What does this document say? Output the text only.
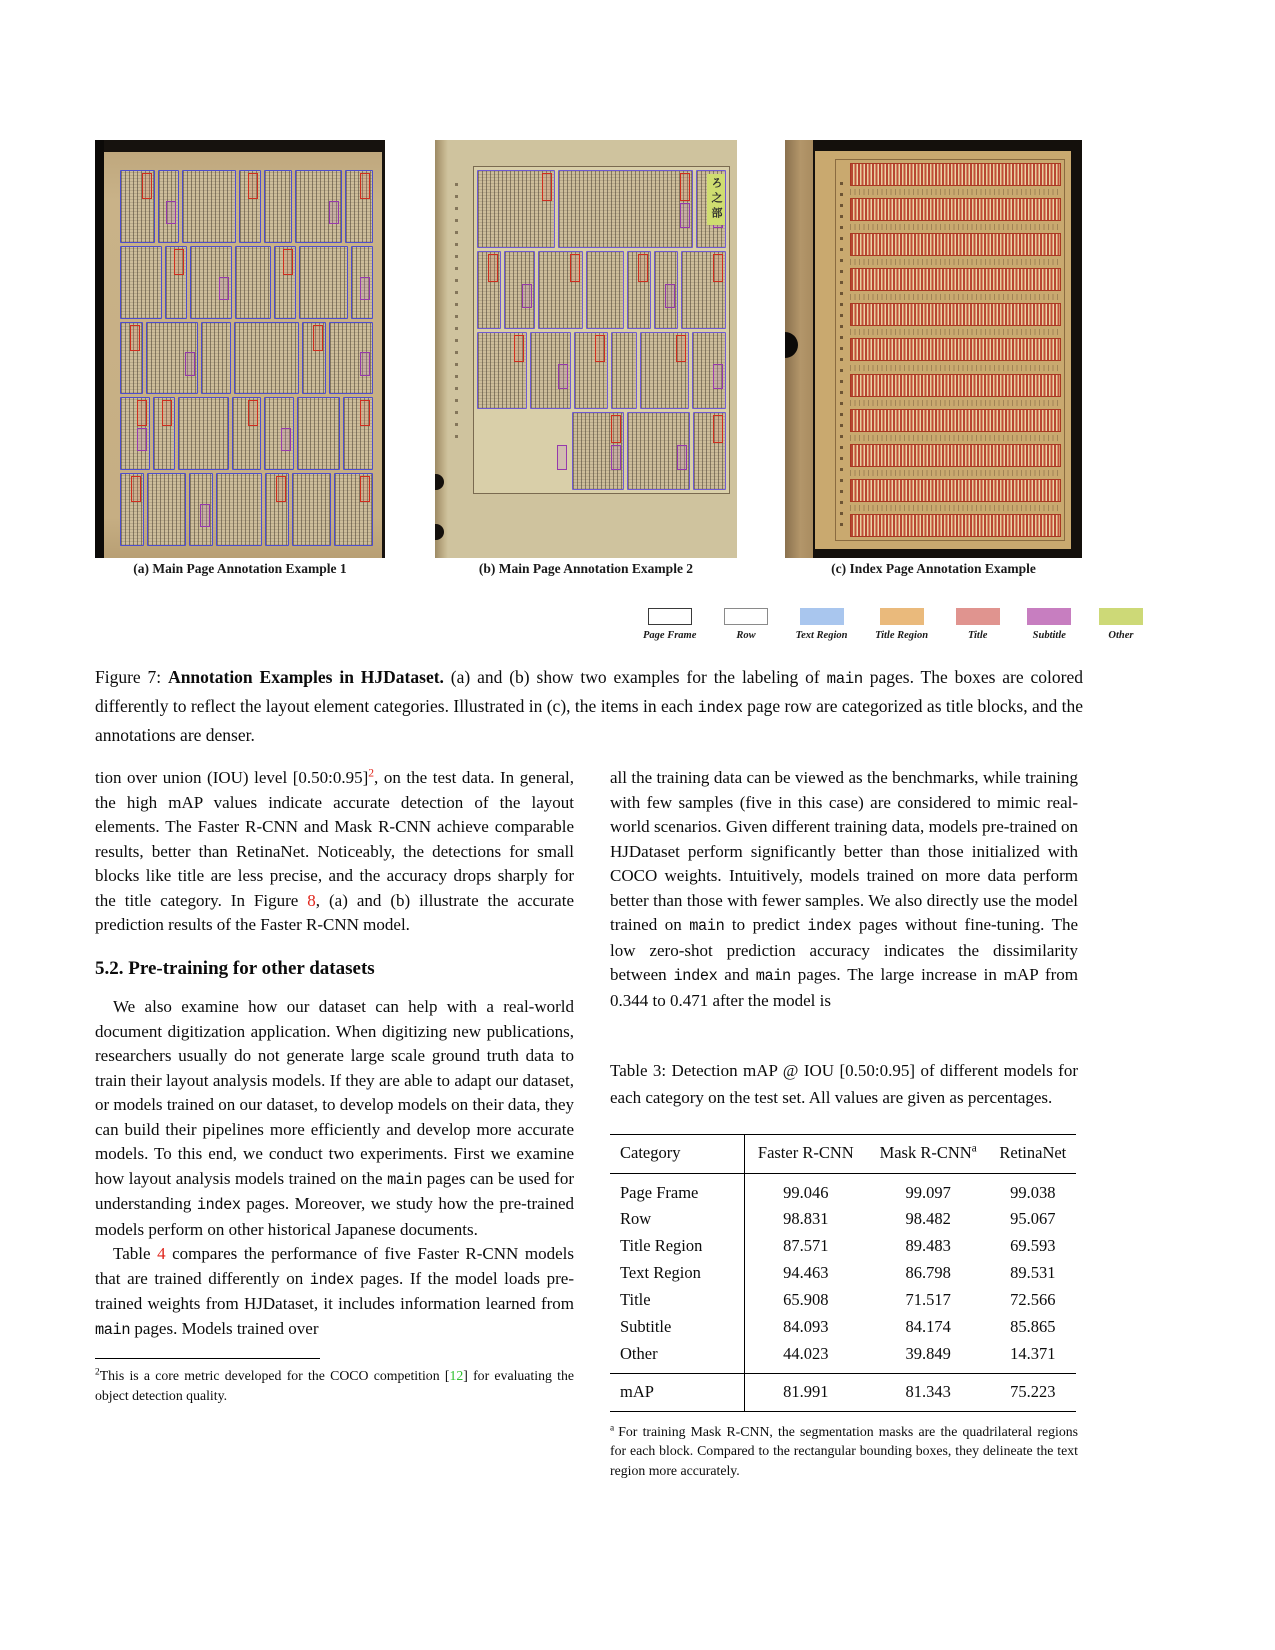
ろ之部
(a) Main Page Annotation Example 1	(b) Main Page Annotation Example 2	(c) Index Page Annotation Example
Page Frame	Row	Text Region	Title Region	Title	Subtitle	Other

Figure 7: Annotation Examples in HJDataset. (a) and (b) show two examples for the labeling of main pages. The boxes are colored differently to reflect the layout element categories. Illustrated in (c), the items in each index page row are categorized as title blocks, and the annotations are denser.

tion over union (IOU) level [0.50:0.95]$^2$, on the test data. In general, the high mAP values indicate accurate detection of the layout elements. The Faster R-CNN and Mask R-CNN achieve comparable results, better than RetinaNet. Noticeably, the detections for small blocks like title are less precise, and the accuracy drops sharply for the title category. In Figure 8, (a) and (b) illustrate the accurate prediction results of the Faster R-CNN model.

5.2. Pre-training for other datasets

We also examine how our dataset can help with a real-world document digitization application. When digitizing new publications, researchers usually do not generate large scale ground truth data to train their layout analysis models. If they are able to adapt our dataset, or models trained on our dataset, to develop models on their data, they can build their pipelines more efficiently and develop more accurate models. To this end, we conduct two experiments. First we examine how layout analysis models trained on the main pages can be used for understanding index pages. Moreover, we study how the pre-trained models perform on other historical Japanese documents.

Table 4 compares the performance of five Faster R-CNN models that are trained differently on index pages. If the model loads pre-trained weights from HJDataset, it includes information learned from main pages. Models trained over

$^2$This is a core metric developed for the COCO competition [12] for evaluating the object detection quality.

all the training data can be viewed as the benchmarks, while training with few samples (five in this case) are considered to mimic real-world scenarios. Given different training data, models pre-trained on HJDataset perform significantly better than those initialized with COCO weights. Intuitively, models trained on more data perform better than those with fewer samples. We also directly use the model trained on main to predict index pages without fine-tuning. The low zero-shot prediction accuracy indicates the dissimilarity between index and main pages. The large increase in mAP from 0.344 to 0.471 after the model is

Table 3: Detection mAP @ IOU [0.50:0.95] of different models for each category on the test set. All values are given as percentages.

Category	Faster R-CNN	Mask R-CNN$^a$	RetinaNet
Page Frame	99.046	99.097	99.038
Row	98.831	98.482	95.067
Title Region	87.571	89.483	69.593
Text Region	94.463	86.798	89.531
Title	65.908	71.517	72.566
Subtitle	84.093	84.174	85.865
Other	44.023	39.849	14.371
mAP	81.991	81.343	75.223

$^a$ For training Mask R-CNN, the segmentation masks are the quadrilateral regions for each block. Compared to the rectangular bounding boxes, they delineate the text region more accurately.
